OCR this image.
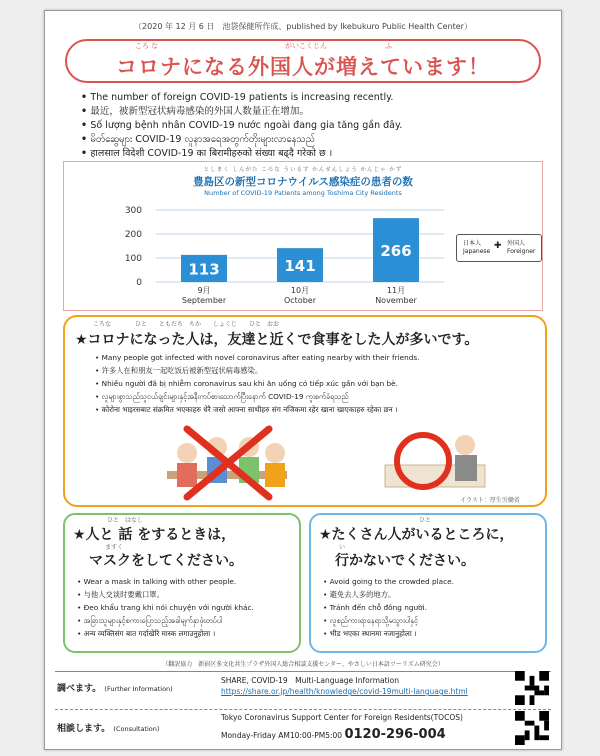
（2020 年 12 月 6 日　池袋保健所作成、published by Ikebukuro Public Health Center）
ころ な	がいこくじん	ふ
コロナになる外国人が増えています！
• The number of foreign COVID-19 patients is increasing recently.
• 最近，被新型冠状病毒感染的外国人数量正在增加。
• Số lượng bệnh nhân COVID-19 nước ngoài đang gia tăng gần đây.
• မိတ်ဆွေများ COVID-19 လူနာအရေအတွက်တိုးများလာနေသည်
• हालसाल विदेशी COVID-19 का बिरामीहरुको संख्या बढ्दै गरेको छ ।
としまく しんがた ころな ういるす かんせんしょう かんじゃ かず
豊島区の新型コロナウイルス感染症の患者の数
Number of COVID-19 Patients among Toshima City Residents
0
100
200
300
113
9月
September
141
10月
October
266
11月
November
日本人
Japanese
✚ 外国人
Foreigner
ころな　　　　ひと　　ともだち　ちか　　しょくじ　　ひと　おお
★コロナになった人は，友達と近くで食事をした人が多いです。
• Many people got infected with novel coronavirus after eating nearby with their friends.
• 许多人在和朋友一起吃饭后被新型冠状病毒感染。
• Nhiều người đã bị nhiễm coronavirus sau khi ăn uống có tiếp xúc gần với bạn bè.
• လူများစွာသည်သူငယ်ချင်းများနှင့်အနီးကပ်စားသောက်ပြီးနောက် COVID-19 ကူးစက်ခံရသည်
• कोरोना भाइरसबाट संक्रमित भएकाहरु धेरै जसो आफ्ना साथीहरु संग नजिकमा रहेर खाना खाएकाहरु रहेका छन ।
イラスト：厚生労働省
ひと　はなし
★人と 話 をするときは，
ますく
マスクをしてください。
• Wear a mask in talking with other people.
• 与他人交谈时要戴口罩。
• Đeo khẩu trang khi nói chuyện với người khác.
• အခြားသူများနှင့်စကားပြောသည့်အခါမျက်နှာဖုံးတပ်ပါ
• अन्य व्यक्तिसंग बात गर्दाखेरि मास्क लगाउनुहोला ।
ひと
★たくさん人がいるところに，
い
行かないでください。
• Avoid going to the crowded place.
• 避免去人多的地方。
• Tránh đến chỗ đông người.
• လူစည်ကားရာနေရာသို့မသွားပါနှင့်
• भीड भएका स्थानमा नजानुहोला ।
（翻訳協力　新宿区多文化共生プラザ外国人総合相談支援センター、やさしい日本語ツーリズム研究会）
調べます。 (Further Information)
SHARE, COVID-19　Multi-Language Information
https://share.or.jp/health/knowledge/covid-19multi-language.html
相談します。 (Consultation)
Tokyo Coronavirus Support Center for Foreign Residents(TOCOS)
Monday-Friday AM10:00-PM5:00 0120-296-004
